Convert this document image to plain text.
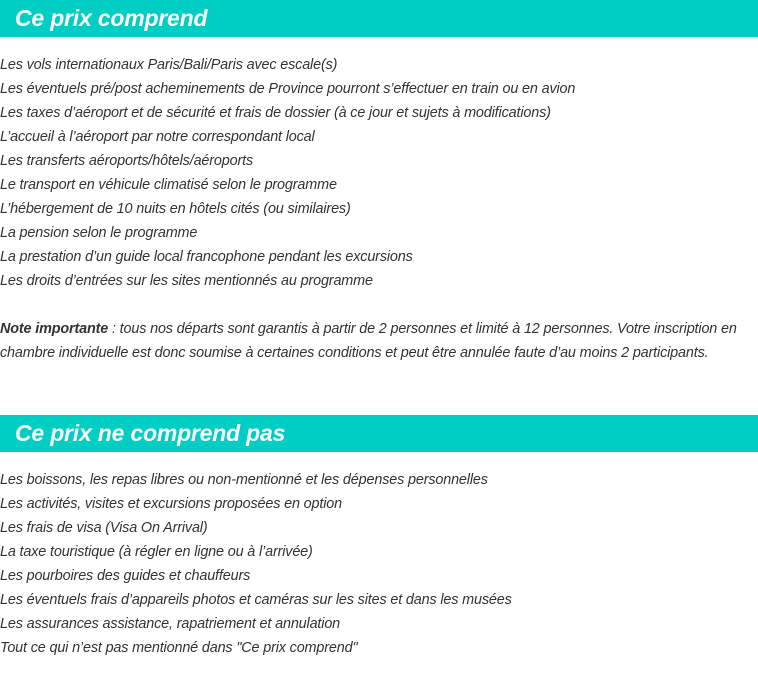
Ce prix comprend
Les vols internationaux Paris/Bali/Paris avec escale(s)
Les éventuels pré/post acheminements de Province pourront s’effectuer en train ou en avion
Les taxes d’aéroport et de sécurité et frais de dossier (à ce jour et sujets à modifications)
L’accueil à l’aéroport par notre correspondant local
Les transferts aéroports/hôtels/aéroports
Le transport en véhicule climatisé selon le programme
L’hébergement de 10 nuits en hôtels cités (ou similaires)
La pension selon le programme
La prestation d’un guide local francophone pendant les excursions
Les droits d’entrées sur les sites mentionnés au programme

Note importante : tous nos départs sont garantis à partir de 2 personnes et limité à 12 personnes. Votre inscription en chambre individuelle est donc soumise à certaines conditions et peut être annulée faute d’au moins 2 participants.

Ce prix ne comprend pas
Les boissons, les repas libres ou non-mentionné et les dépenses personnelles
Les activités, visites et excursions proposées en option
Les frais de visa (Visa On Arrival)
La taxe touristique (à régler en ligne ou à l’arrivée)
Les pourboires des guides et chauffeurs
Les éventuels frais d’appareils photos et caméras sur les sites et dans les musées
Les assurances assistance, rapatriement et annulation
Tout ce qui n’est pas mentionné dans "Ce prix comprend"
